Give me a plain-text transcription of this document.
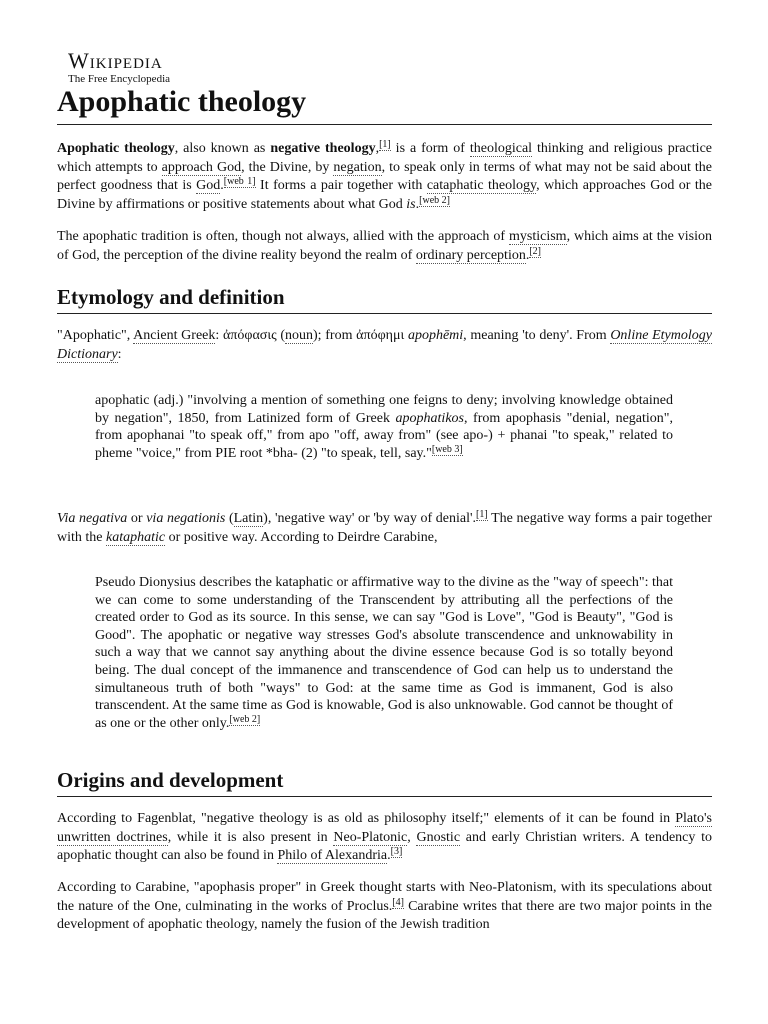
Wikipedia
The Free Encyclopedia
Apophatic theology

Apophatic theology, also known as negative theology,[1] is a form of theological thinking and religious practice which attempts to approach God, the Divine, by negation, to speak only in terms of what may not be said about the perfect goodness that is God.[web 1] It forms a pair together with cataphatic theology, which approaches God or the Divine by affirmations or positive statements about what God is.[web 2]

The apophatic tradition is often, though not always, allied with the approach of mysticism, which aims at the vision of God, the perception of the divine reality beyond the realm of ordinary perception.[2]

Etymology and definition

"Apophatic", Ancient Greek: ἀπόφασις (noun); from ἀπόφημι apophēmi, meaning 'to deny'. From Online Etymology Dictionary:

apophatic (adj.) "involving a mention of something one feigns to deny; involving knowledge obtained by negation", 1850, from Latinized form of Greek apophatikos, from apophasis "denial, negation", from apophanai "to speak off," from apo "off, away from" (see apo-) + phanai "to speak," related to pheme "voice," from PIE root *bha- (2) "to speak, tell, say."[web 3]

Via negativa or via negationis (Latin), 'negative way' or 'by way of denial'.[1] The negative way forms a pair together with the kataphatic or positive way. According to Deirdre Carabine,

Pseudo Dionysius describes the kataphatic or affirmative way to the divine as the "way of speech": that we can come to some understanding of the Transcendent by attributing all the perfections of the created order to God as its source. In this sense, we can say "God is Love", "God is Beauty", "God is Good". The apophatic or negative way stresses God's absolute transcendence and unknowability in such a way that we cannot say anything about the divine essence because God is so totally beyond being. The dual concept of the immanence and transcendence of God can help us to understand the simultaneous truth of both "ways" to God: at the same time as God is immanent, God is also transcendent. At the same time as God is knowable, God is also unknowable. God cannot be thought of as one or the other only.[web 2]

Origins and development

According to Fagenblat, "negative theology is as old as philosophy itself;" elements of it can be found in Plato's unwritten doctrines, while it is also present in Neo-Platonic, Gnostic and early Christian writers. A tendency to apophatic thought can also be found in Philo of Alexandria.[3]

According to Carabine, "apophasis proper" in Greek thought starts with Neo-Platonism, with its speculations about the nature of the One, culminating in the works of Proclus.[4] Carabine writes that there are two major points in the development of apophatic theology, namely the fusion of the Jewish tradition
